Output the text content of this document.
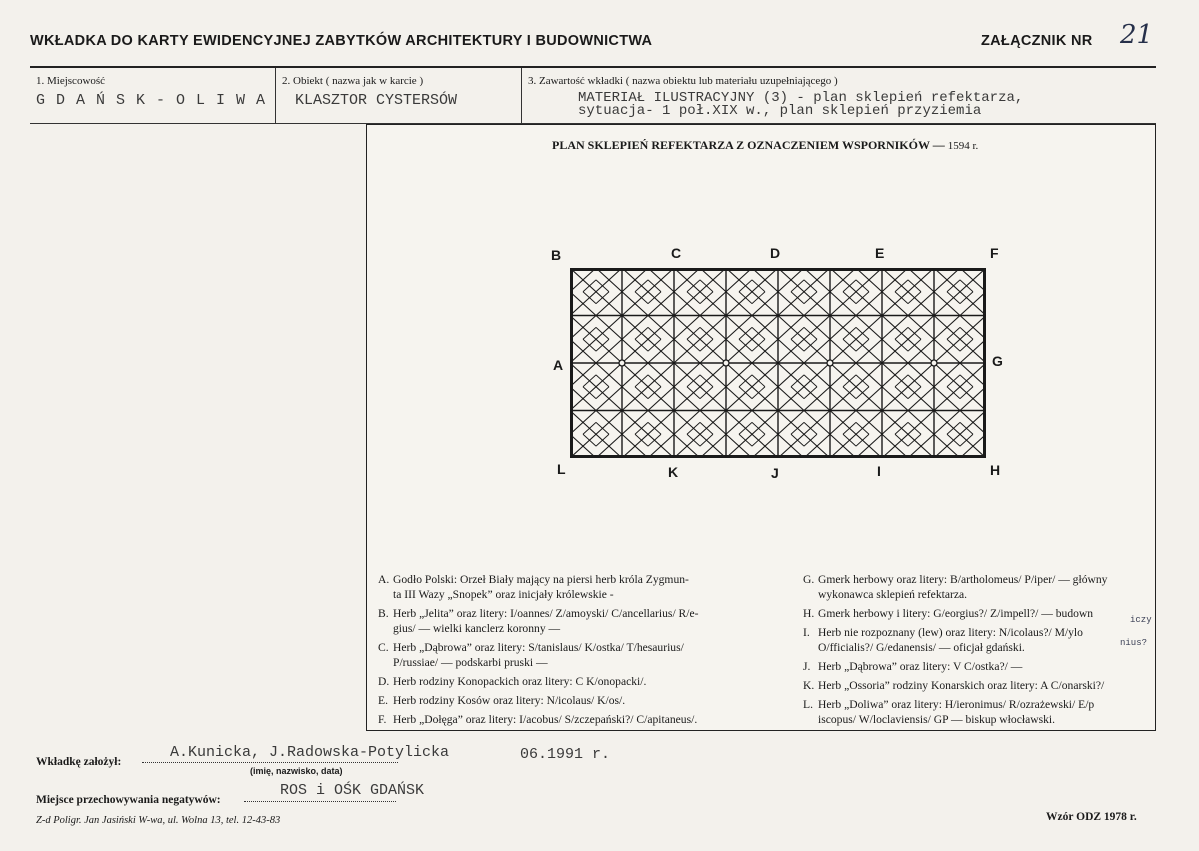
WKŁADKA DO KARTY EWIDENCYJNEJ ZABYTKÓW ARCHITEKTURY I BUDOWNICTWA	ZAŁĄCZNIK NR 21
1. Miejscowość
G D A Ń S K - O L I W A
2. Obiekt ( nazwa jak w karcie )
KLASZTOR CYSTERSÓW
3. Zawartość wkładki ( nazwa obiektu lub materiału uzupełniającego )
MATERIAŁ ILUSTRACYJNY (3) - plan sklepień refektarza,
sytuacja- 1 poł.XIX w., plan sklepień przyziemia
PLAN SKLEPIEŃ REFEKTARZA Z OZNACZENIEM WSPORNIKÓW — 1594 r.
B	C	D	E	F
A	G
L	K	J	I	H
A. Godło Polski: Orzeł Biały mający na piersi herb króla Zygmun-
ta III Wazy „Snopek” oraz inicjały królewskie -
B. Herb „Jelita” oraz litery: I/oannes/ Z/amoyski/ C/ancellarius/ R/e-
gius/ — wielki kanclerz koronny —
C. Herb „Dąbrowa” oraz litery: S/tanislaus/ K/ostka/ T/hesaurius/
P/russiae/ — podskarbi pruski —
D. Herb rodziny Konopackich oraz litery: C K/onopacki/.
E. Herb rodziny Kosów oraz litery: N/icolaus/ K/os/.
F. Herb „Dołęga” oraz litery: I/acobus/ S/zczepański?/ C/apitaneus/.
G. Gmerk herbowy oraz litery: B/artholomeus/ P/iper/ — główny
wykonawca sklepień refektarza.
H. Gmerk herbowy i litery: G/eorgius?/ Z/impell?/ — budown
I. Herb nie rozpoznany (lew) oraz litery: N/icolaus?/ M/ylo
O/fficialis?/ G/edanensis/ — oficjał gdański.
J. Herb „Dąbrowa” oraz litery: V C/ostka?/ —
K. Herb „Ossoria” rodziny Konarskich oraz litery: A C/onarski?/
L. Herb „Doliwa” oraz litery: H/ieronimus/ R/ozrażewski/ E/p
iscopus/ W/loclaviensis/ GP — biskup włocławski.
iczy
nius?
Wkładkę założył:
A.Kunicka, J.Radowska-Potylicka	06.1991 r.
(imię, nazwisko, data)
Miejsce przechowywania negatywów:
ROS i OŚK GDAŃSK
Z-d Poligr. Jan Jasiński W-wa, ul. Wolna 13, tel. 12-43-83	Wzór ODZ 1978 r.
